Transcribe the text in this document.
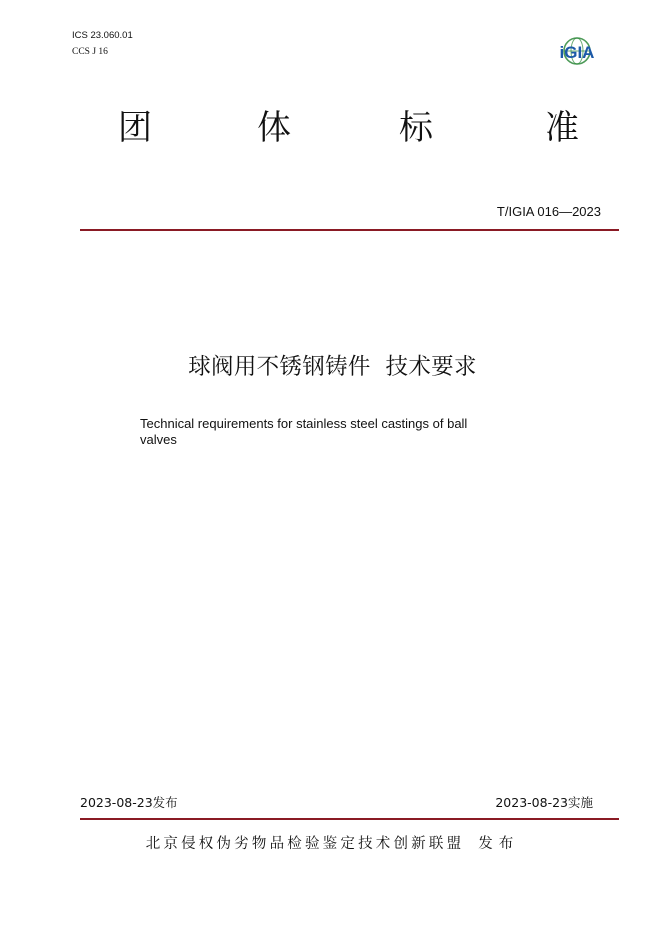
ICS 23.060.01
CCS J 16	iGIA
团	体	标	准
T/IGIA 016—2023
球阀用不锈钢铸件  技术要求
Technical requirements for stainless steel castings of ball
valves
2023-08-23发布	2023-08-23实施
北京侵权伪劣物品检验鉴定技术创新联盟 发布
